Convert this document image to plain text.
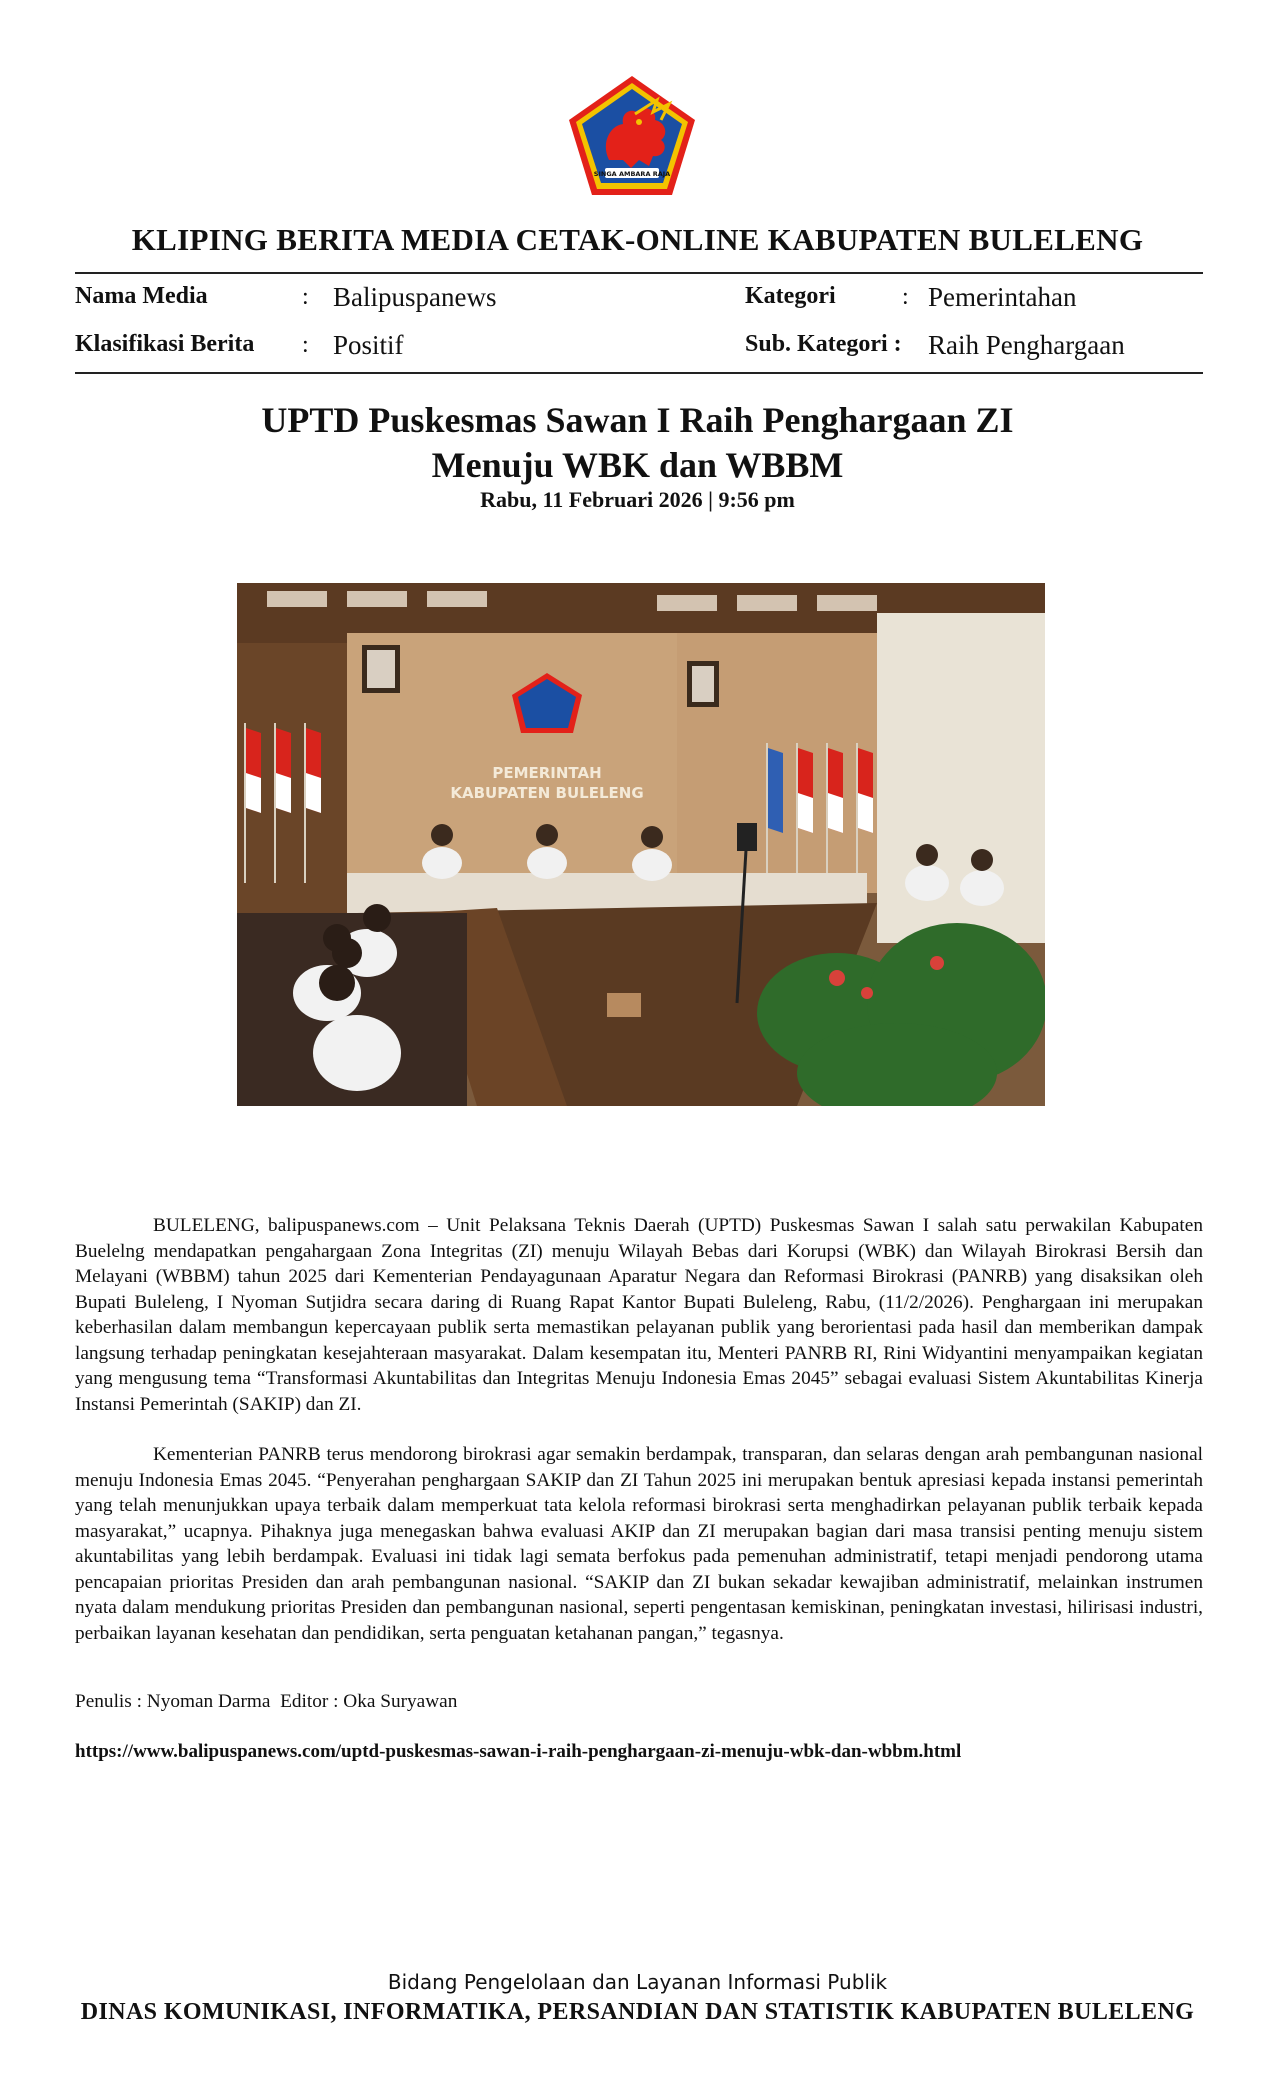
SINGA AMBARA RAJA
KLIPING BERITA MEDIA CETAK-ONLINE KABUPATEN BULELENG
Nama Media	: Balipuspanews
Klasifikasi Berita : Positif
Kategori	: Pemerintahan
Sub. Kategori : Raih Penghargaan
UPTD Puskesmas Sawan I Raih Penghargaan ZI
Menuju WBK dan WBBM
Rabu, 11 Februari 2026 | 9:56 pm
PEMERINTAH
KABUPATEN BULELENG

BULELENG, balipuspanews.com – Unit Pelaksana Teknis Daerah (UPTD) Puskesmas Sawan I salah satu perwakilan Kabupaten Buelelng mendapatkan pengahargaan Zona Integritas (ZI) menuju Wilayah Bebas dari Korupsi (WBK) dan Wilayah Birokrasi Bersih dan Melayani (WBBM) tahun 2025 dari Kementerian Pendayagunaan Aparatur Negara dan Reformasi Birokrasi (PANRB) yang disaksikan oleh Bupati Buleleng, I Nyoman Sutjidra secara daring di Ruang Rapat Kantor Bupati Buleleng, Rabu, (11/2/2026). Penghargaan ini merupakan keberhasilan dalam membangun kepercayaan publik serta memastikan pelayanan publik yang berorientasi pada hasil dan memberikan dampak langsung terhadap peningkatan kesejahteraan masyarakat. Dalam kesempatan itu, Menteri PANRB RI, Rini Widyantini menyampaikan kegiatan yang mengusung tema “Transformasi Akuntabilitas dan Integritas Menuju Indonesia Emas 2045” sebagai evaluasi Sistem Akuntabilitas Kinerja Instansi Pemerintah (SAKIP) dan ZI.

Kementerian PANRB terus mendorong birokrasi agar semakin berdampak, transparan, dan selaras dengan arah pembangunan nasional menuju Indonesia Emas 2045. “Penyerahan penghargaan SAKIP dan ZI Tahun 2025 ini merupakan bentuk apresiasi kepada instansi pemerintah yang telah menunjukkan upaya terbaik dalam memperkuat tata kelola reformasi birokrasi serta menghadirkan pelayanan publik terbaik kepada masyarakat,” ucapnya. Pihaknya juga menegaskan bahwa evaluasi AKIP dan ZI merupakan bagian dari masa transisi penting menuju sistem akuntabilitas yang lebih berdampak. Evaluasi ini tidak lagi semata berfokus pada pemenuhan administratif, tetapi menjadi pendorong utama pencapaian prioritas Presiden dan arah pembangunan nasional. “SAKIP dan ZI bukan sekadar kewajiban administratif, melainkan instrumen nyata dalam mendukung prioritas Presiden dan pembangunan nasional, seperti pengentasan kemiskinan, peningkatan investasi, hilirisasi industri, perbaikan layanan kesehatan dan pendidikan, serta penguatan ketahanan pangan,” tegasnya.

Penulis : Nyoman Darma  Editor : Oka Suryawan
https://www.balipuspanews.com/uptd-puskesmas-sawan-i-raih-penghargaan-zi-menuju-wbk-dan-wbbm.html
Bidang Pengelolaan dan Layanan Informasi Publik
DINAS KOMUNIKASI, INFORMATIKA, PERSANDIAN DAN STATISTIK KABUPATEN BULELENG
